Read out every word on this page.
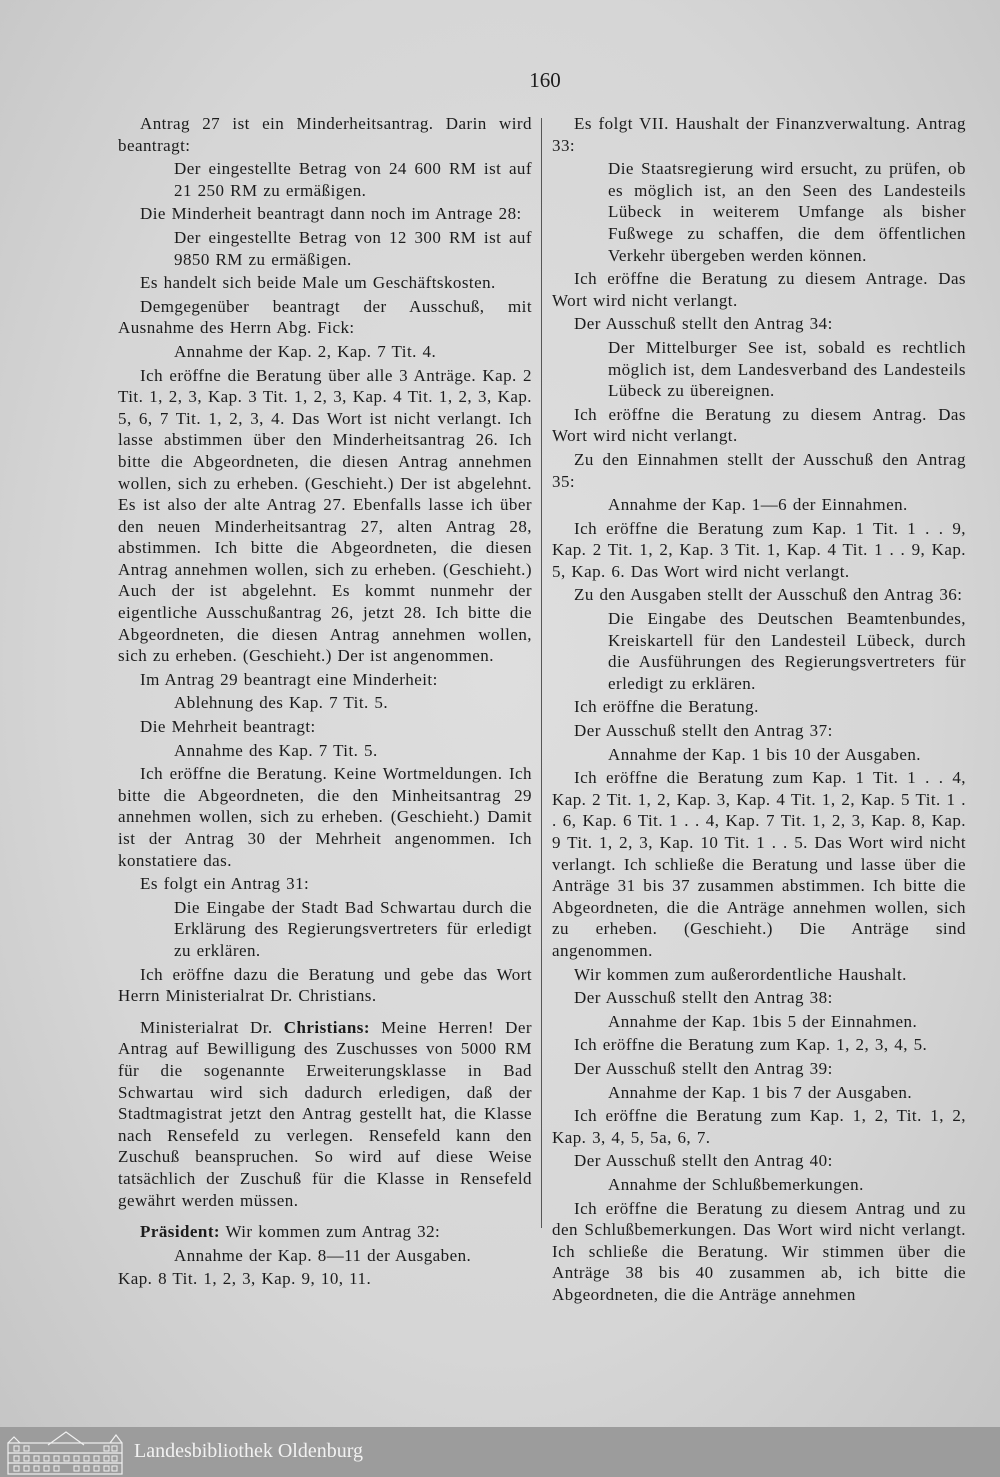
160
Antrag 27 ist ein Minderheitsantrag. Darin wird beantragt:
Der eingestellte Betrag von 24 600 RM ist auf 21 250 RM zu ermäßigen.
Die Minderheit beantragt dann noch im Antrage 28:
Der eingestellte Betrag von 12 300 RM ist auf 9850 RM zu ermäßigen.
Es handelt sich beide Male um Geschäftskosten.
Demgegenüber beantragt der Ausschuß, mit Ausnahme des Herrn Abg. Fick:
Annahme der Kap. 2, Kap. 7 Tit. 4.
Ich eröffne die Beratung über alle 3 Anträge. Kap. 2 Tit. 1, 2, 3, Kap. 3 Tit. 1, 2, 3, Kap. 4 Tit. 1, 2, 3, Kap. 5, 6, 7 Tit. 1, 2, 3, 4. Das Wort ist nicht verlangt. Ich lasse abstimmen über den Minderheitsantrag 26. Ich bitte die Abgeordneten, die diesen Antrag annehmen wollen, sich zu erheben. (Geschieht.) Der ist abgelehnt. Es ist also der alte Antrag 27. Ebenfalls lasse ich über den neuen Minderheitsantrag 27, alten Antrag 28, abstimmen. Ich bitte die Abgeordneten, die diesen Antrag annehmen wollen, sich zu erheben. (Geschieht.) Auch der ist abgelehnt. Es kommt nunmehr der eigentliche Ausschußantrag 26, jetzt 28. Ich bitte die Abgeordneten, die diesen Antrag annehmen wollen, sich zu erheben. (Geschieht.) Der ist angenommen.
Im Antrag 29 beantragt eine Minderheit:
Ablehnung des Kap. 7 Tit. 5.
Die Mehrheit beantragt:
Annahme des Kap. 7 Tit. 5.
Ich eröffne die Beratung. Keine Wortmeldungen. Ich bitte die Abgeordneten, die den Minheitsantrag 29 annehmen wollen, sich zu erheben. (Geschieht.) Damit ist der Antrag 30 der Mehrheit angenommen. Ich konstatiere das.
Es folgt ein Antrag 31:
Die Eingabe der Stadt Bad Schwartau durch die Erklärung des Regierungsvertreters für erledigt zu erklären.
Ich eröffne dazu die Beratung und gebe das Wort Herrn Ministerialrat Dr. Christians.
Ministerialrat Dr. Christians: Meine Herren! Der Antrag auf Bewilligung des Zuschusses von 5000 RM für die sogenannte Erweiterungsklasse in Bad Schwartau wird sich dadurch erledigen, daß der Stadtmagistrat jetzt den Antrag gestellt hat, die Klasse nach Rensefeld zu verlegen. Rensefeld kann den Zuschuß beanspruchen. So wird auf diese Weise tatsächlich der Zuschuß für die Klasse in Rensefeld gewährt werden müssen.
Präsident: Wir kommen zum Antrag 32:
Annahme der Kap. 8—11 der Ausgaben.
Kap. 8 Tit. 1, 2, 3, Kap. 9, 10, 11.
Es folgt VII. Haushalt der Finanzverwaltung. Antrag 33:
Die Staatsregierung wird ersucht, zu prüfen, ob es möglich ist, an den Seen des Landesteils Lübeck in weiterem Umfange als bisher Fußwege zu schaffen, die dem öffentlichen Verkehr übergeben werden können.
Ich eröffne die Beratung zu diesem Antrage. Das Wort wird nicht verlangt.
Der Ausschuß stellt den Antrag 34:
Der Mittelburger See ist, sobald es rechtlich möglich ist, dem Landesverband des Landesteils Lübeck zu übereignen.
Ich eröffne die Beratung zu diesem Antrag. Das Wort wird nicht verlangt.
Zu den Einnahmen stellt der Ausschuß den Antrag 35:
Annahme der Kap. 1—6 der Einnahmen.
Ich eröffne die Beratung zum Kap. 1 Tit. 1 . . 9, Kap. 2 Tit. 1, 2, Kap. 3 Tit. 1, Kap. 4 Tit. 1 . . 9, Kap. 5, Kap. 6. Das Wort wird nicht verlangt.
Zu den Ausgaben stellt der Ausschuß den Antrag 36:
Die Eingabe des Deutschen Beamtenbundes, Kreiskartell für den Landesteil Lübeck, durch die Ausführungen des Regierungsvertreters für erledigt zu erklären.
Ich eröffne die Beratung.
Der Ausschuß stellt den Antrag 37:
Annahme der Kap. 1 bis 10 der Ausgaben.
Ich eröffne die Beratung zum Kap. 1 Tit. 1 . . 4, Kap. 2 Tit. 1, 2, Kap. 3, Kap. 4 Tit. 1, 2, Kap. 5 Tit. 1 . . 6, Kap. 6 Tit. 1 . . 4, Kap. 7 Tit. 1, 2, 3, Kap. 8, Kap. 9 Tit. 1, 2, 3, Kap. 10 Tit. 1 . . 5. Das Wort wird nicht verlangt. Ich schließe die Beratung und lasse über die Anträge 31 bis 37 zusammen abstimmen. Ich bitte die Abgeordneten, die die Anträge annehmen wollen, sich zu erheben. (Geschieht.) Die Anträge sind angenommen.
Wir kommen zum außerordentliche Haushalt.
Der Ausschuß stellt den Antrag 38:
Annahme der Kap. 1bis 5 der Einnahmen.
Ich eröffne die Beratung zum Kap. 1, 2, 3, 4, 5.
Der Ausschuß stellt den Antrag 39:
Annahme der Kap. 1 bis 7 der Ausgaben.
Ich eröffne die Beratung zum Kap. 1, 2, Tit. 1, 2, Kap. 3, 4, 5, 5a, 6, 7.
Der Ausschuß stellt den Antrag 40:
Annahme der Schlußbemerkungen.
Ich eröffne die Beratung zu diesem Antrag und zu den Schlußbemerkungen. Das Wort wird nicht verlangt. Ich schließe die Beratung. Wir stimmen über die Anträge 38 bis 40 zusammen ab, ich bitte die Abgeordneten, die die Anträge annehmen
Landesbibliothek Oldenburg
